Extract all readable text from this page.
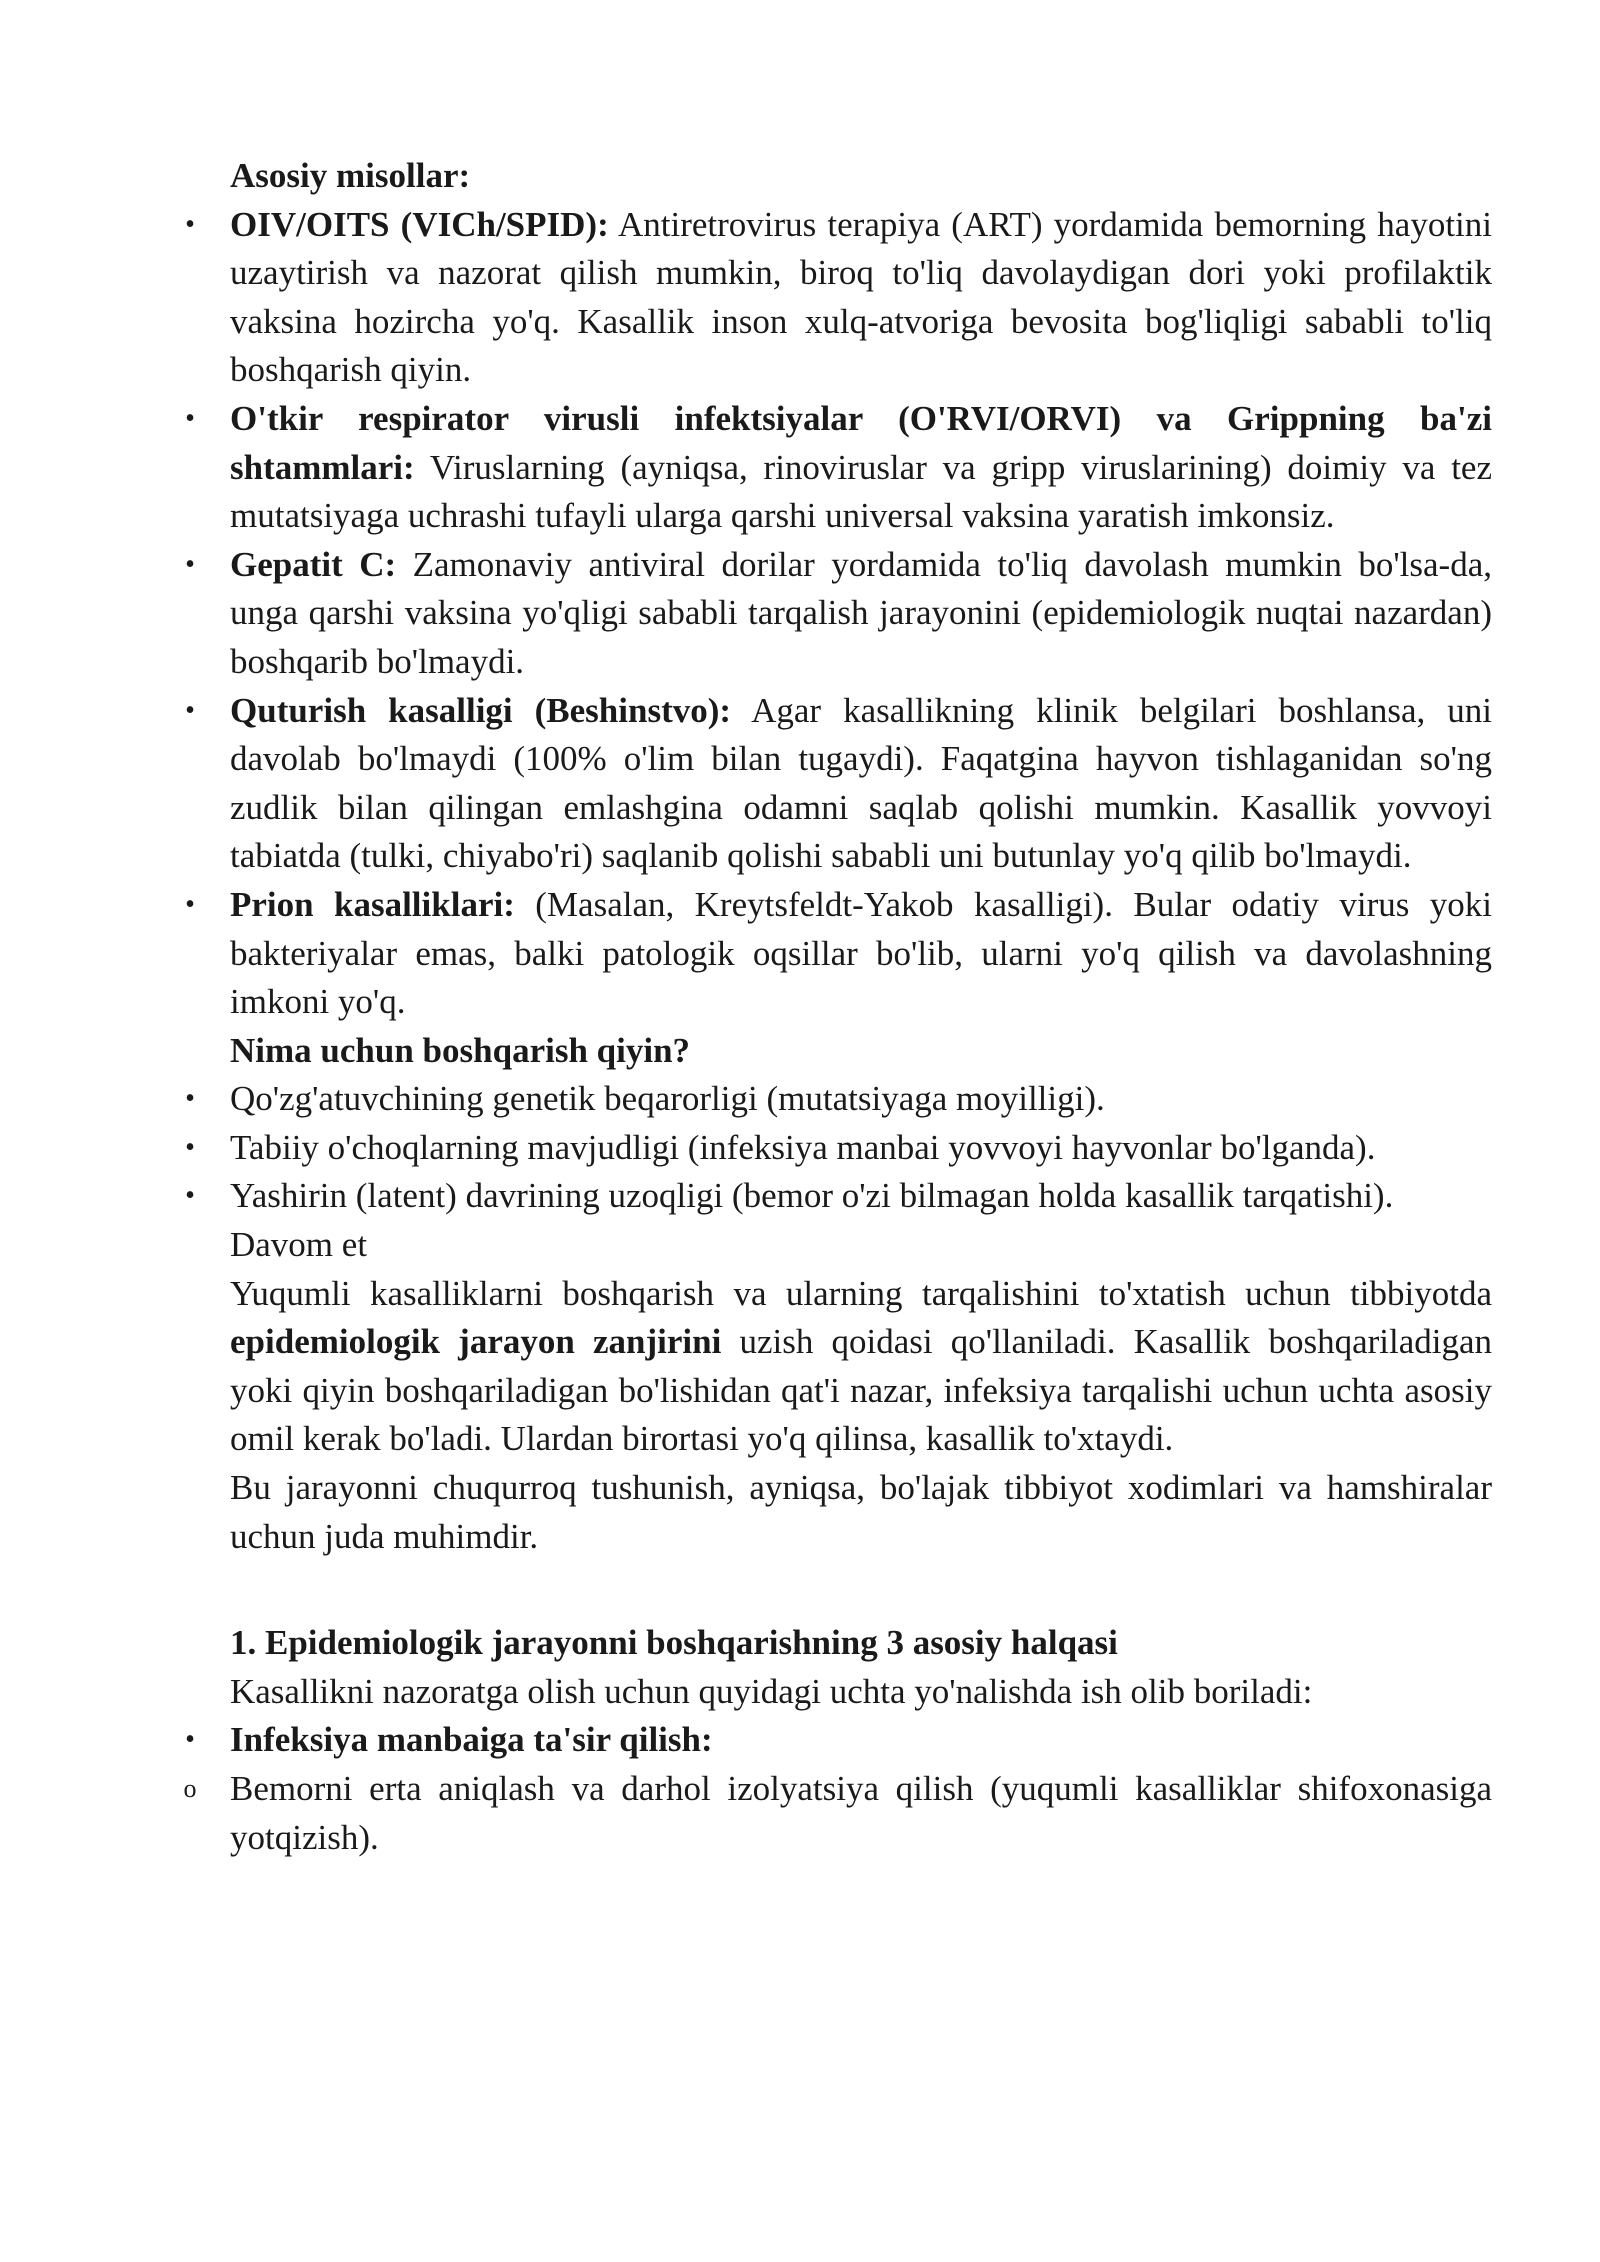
Asosiy misollar:

• OIV/OITS (VICh/SPID): Antiretrovirus terapiya (ART) yordamida bemorning hayotini uzaytirish va nazorat qilish mumkin, biroq to'liq davolaydigan dori yoki profilaktik vaksina hozircha yo'q. Kasallik inson xulq-atvoriga bevosita bog'liqligi sababli to'liq boshqarish qiyin.
• O'tkir respirator virusli infektsiyalar (O'RVI/ORVI) va Grippning ba'zi shtammlari: Viruslarning (ayniqsa, rinoviruslar va gripp viruslarining) doimiy va tez mutatsiyaga uchrashi tufayli ularga qarshi universal vaksina yaratish imkonsiz.
• Gepatit C: Zamonaviy antiviral dorilar yordamida to'liq davolash mumkin bo'lsa-da, unga qarshi vaksina yo'qligi sababli tarqalish jarayonini (epidemiologik nuqtai nazardan) boshqarib bo'lmaydi.
• Quturish kasalligi (Beshinstvo): Agar kasallikning klinik belgilari boshlansa, uni davolab bo'lmaydi (100% o'lim bilan tugaydi). Faqatgina hayvon tishlaganidan so'ng zudlik bilan qilingan emlashgina odamni saqlab qolishi mumkin. Kasallik yovvoyi tabiatda (tulki, chiyabo'ri) saqlanib qolishi sababli uni butunlay yo'q qilib bo'lmaydi.
• Prion kasalliklari: (Masalan, Kreytsfeldt-Yakob kasalligi). Bular odatiy virus yoki bakteriyalar emas, balki patologik oqsillar bo'lib, ularni yo'q qilish va davolashning imkoni yo'q.

Nima uchun boshqarish qiyin?

• Qo'zg'atuvchining genetik beqarorligi (mutatsiyaga moyilligi).
• Tabiiy o'choqlarning mavjudligi (infeksiya manbai yovvoyi hayvonlar bo'lganda).
• Yashirin (latent) davrining uzoqligi (bemor o'zi bilmagan holda kasallik tarqatishi).

Davom et

Yuqumli kasalliklarni boshqarish va ularning tarqalishini to'xtatish uchun tibbiyotda epidemiologik jarayon zanjirini uzish qoidasi qo'llaniladi. Kasallik boshqariladigan yoki qiyin boshqariladigan bo'lishidan qat'i nazar, infeksiya tarqalishi uchun uchta asosiy omil kerak bo'ladi. Ulardan birortasi yo'q qilinsa, kasallik to'xtaydi.

Bu jarayonni chuqurroq tushunish, ayniqsa, bo'lajak tibbiyot xodimlari va hamshiralar uchun juda muhimdir.

1. Epidemiologik jarayonni boshqarishning 3 asosiy halqasi

Kasallikni nazoratga olish uchun quyidagi uchta yo'nalishda ish olib boriladi:

• Infeksiya manbaiga ta'sir qilish:
o Bemorni erta aniqlash va darhol izolyatsiya qilish (yuqumli kasalliklar shifoxonasiga yotqizish).
